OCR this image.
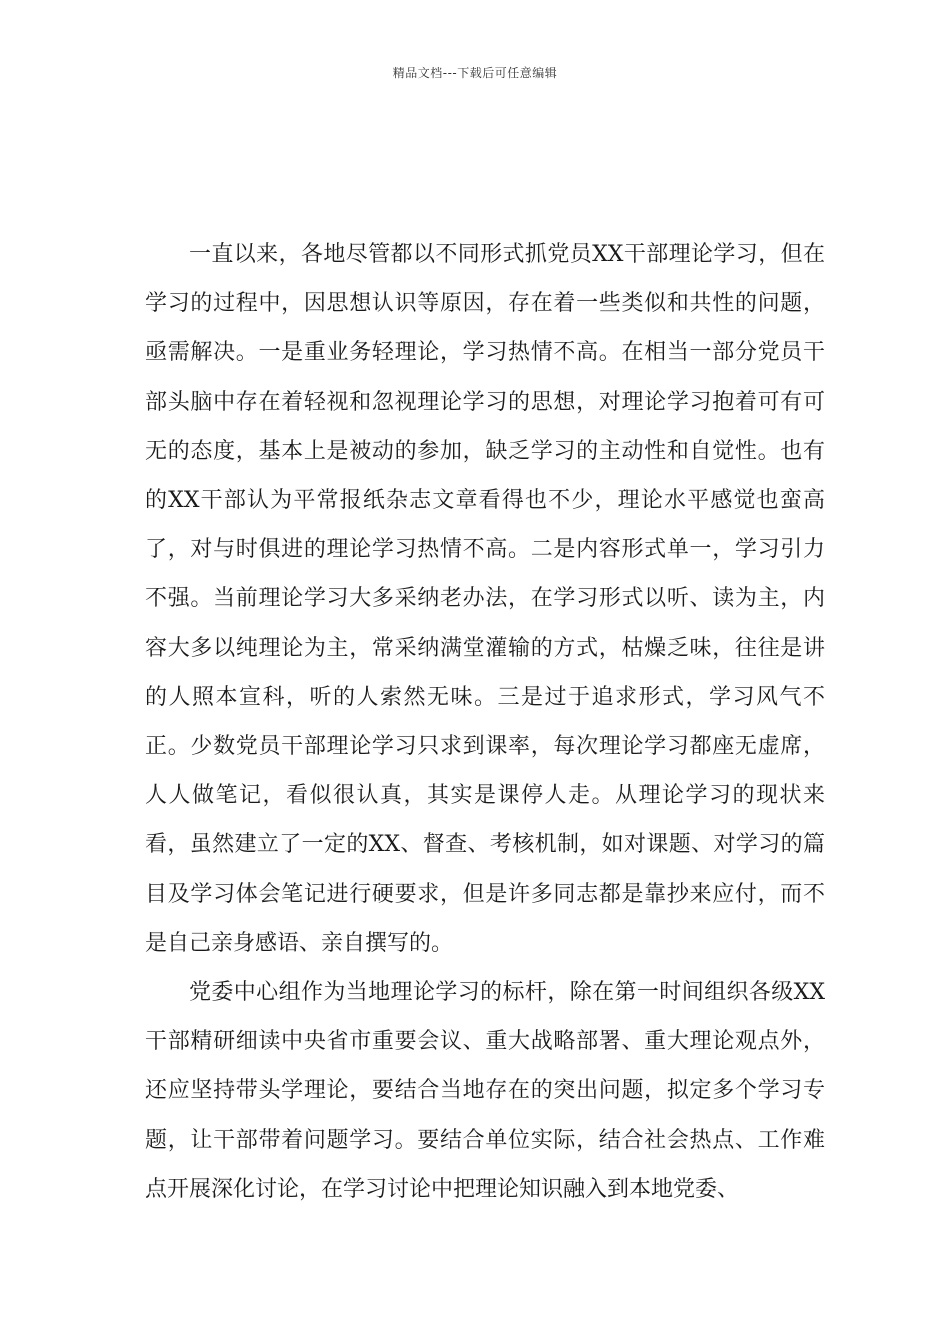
精品文档---下载后可任意编辑

一直以来，各地尽管都以不同形式抓党员XX干部理论学习，但在学习的过程中，因思想认识等原因，存在着一些类似和共性的问题，亟需解决。一是重业务轻理论，学习热情不高。在相当一部分党员干部头脑中存在着轻视和忽视理论学习的思想，对理论学习抱着可有可无的态度，基本上是被动的参加，缺乏学习的主动性和自觉性。也有的XX干部认为平常报纸杂志文章看得也不少，理论水平感觉也蛮高了，对与时俱进的理论学习热情不高。二是内容形式单一，学习引力不强。当前理论学习大多采纳老办法，在学习形式以听、读为主，内容大多以纯理论为主，常采纳满堂灌输的方式，枯燥乏味，往往是讲的人照本宣科，听的人索然无味。三是过于追求形式，学习风气不正。少数党员干部理论学习只求到课率，每次理论学习都座无虚席，人人做笔记，看似很认真，其实是课停人走。从理论学习的现状来看，虽然建立了一定的XX、督查、考核机制，如对课题、对学习的篇目及学习体会笔记进行硬要求，但是许多同志都是靠抄来应付，而不是自己亲身感语、亲自撰写的。

党委中心组作为当地理论学习的标杆，除在第一时间组织各级XX干部精研细读中央省市重要会议、重大战略部署、重大理论观点外，还应坚持带头学理论，要结合当地存在的突出问题，拟定多个学习专题，让干部带着问题学习。要结合单位实际，结合社会热点、工作难点开展深化讨论，在学习讨论中把理论知识融入到本地党委、
